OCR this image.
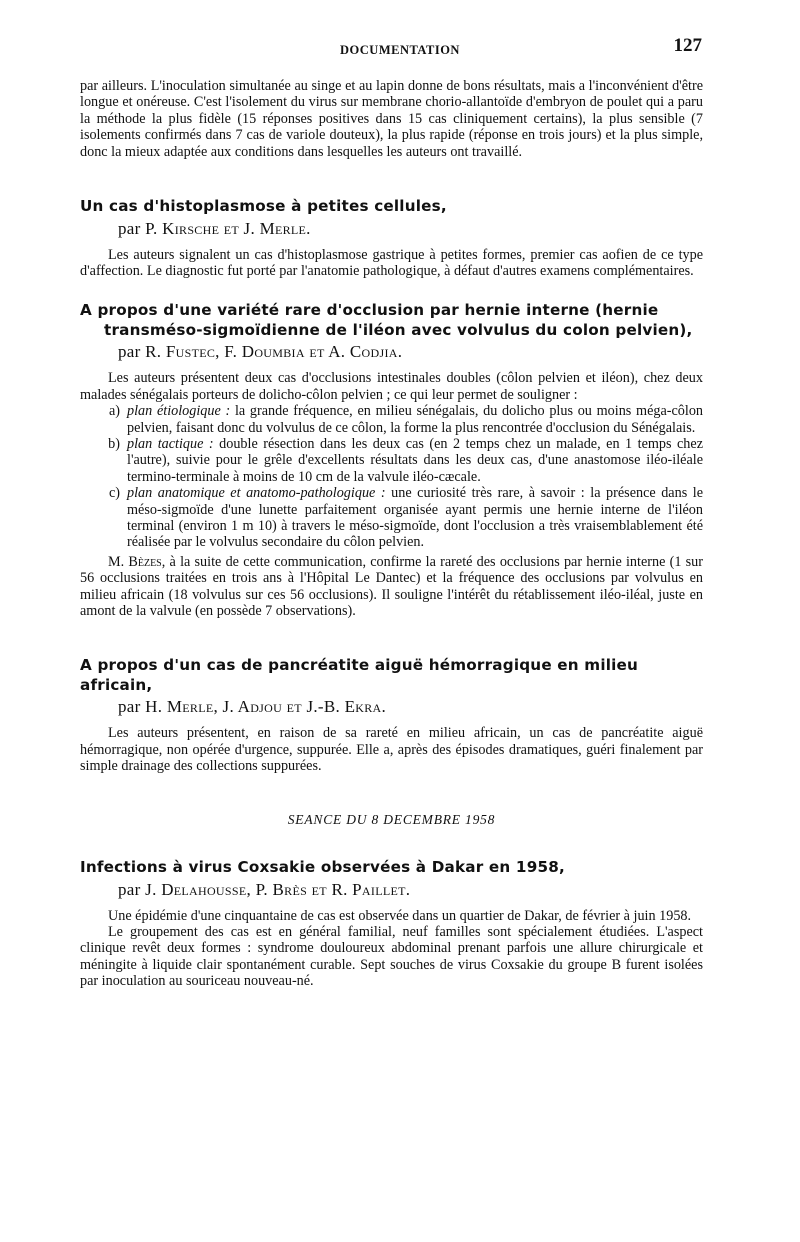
DOCUMENTATION	127

par ailleurs. L'inoculation simultanée au singe et au lapin donne de bons résultats, mais a l'inconvénient d'être longue et onéreuse. C'est l'isolement du virus sur membrane chorio-allantoïde d'embryon de poulet qui a paru la méthode la plus fidèle (15 réponses positives dans 15 cas cliniquement certains), la plus sensible (7 isolements confirmés dans 7 cas de variole douteux), la plus rapide (réponse en trois jours) et la plus simple, donc la mieux adaptée aux conditions dans lesquelles les auteurs ont travaillé.

Un cas d'histoplasmose à petites cellules,
par P. Kirsche et J. Merle.

Les auteurs signalent un cas d'histoplasmose gastrique à petites formes, premier cas aofien de ce type d'affection. Le diagnostic fut porté par l'anatomie pathologique, à défaut d'autres examens complémentaires.

A propos d'une variété rare d'occlusion par hernie interne (hernie transméso-sigmoïdienne de l'iléon avec volvulus du colon pelvien),
par R. Fustec, F. Doumbia et A. Codjia.

Les auteurs présentent deux cas d'occlusions intestinales doubles (côlon pelvien et iléon), chez deux malades sénégalais porteurs de dolicho-côlon pelvien ; ce qui leur permet de souligner :

a) plan étiologique : la grande fréquence, en milieu sénégalais, du dolicho plus ou moins méga-côlon pelvien, faisant donc du volvulus de ce côlon, la forme la plus rencontrée d'occlusion du Sénégalais.
b) plan tactique : double résection dans les deux cas (en 2 temps chez un malade, en 1 temps chez l'autre), suivie pour le grêle d'excellents résultats dans les deux cas, d'une anastomose iléo-iléale termino-terminale à moins de 10 cm de la valvule iléo-cæcale.
c) plan anatomique et anatomo-pathologique : une curiosité très rare, à savoir : la présence dans le méso-sigmoïde d'une lunette parfaitement organisée ayant permis une hernie interne de l'iléon terminal (environ 1 m 10) à travers le méso-sigmoïde, dont l'occlusion a très vraisemblablement été réalisée par le volvulus secondaire du côlon pelvien.

M. Bèzes, à la suite de cette communication, confirme la rareté des occlusions par hernie interne (1 sur 56 occlusions traitées en trois ans à l'Hôpital Le Dantec) et la fréquence des occlusions par volvulus en milieu africain (18 volvulus sur ces 56 occlusions). Il souligne l'intérêt du rétablissement iléo-iléal, juste en amont de la valvule (en possède 7 observations).

A propos d'un cas de pancréatite aiguë hémorragique en milieu africain,
par H. Merle, J. Adjou et J.-B. Ekra.

Les auteurs présentent, en raison de sa rareté en milieu africain, un cas de pancréatite aiguë hémorragique, non opérée d'urgence, suppurée. Elle a, après des épisodes dramatiques, guéri finalement par simple drainage des collections suppurées.

SEANCE DU 8 DECEMBRE 1958
Infections à virus Coxsakie observées à Dakar en 1958,
par J. Delahousse, P. Brès et R. Paillet.

Une épidémie d'une cinquantaine de cas est observée dans un quartier de Dakar, de février à juin 1958.

Le groupement des cas est en général familial, neuf familles sont spécialement étudiées. L'aspect clinique revêt deux formes : syndrome douloureux abdominal prenant parfois une allure chirurgicale et méningite à liquide clair spontanément curable. Sept souches de virus Coxsakie du groupe B furent isolées par inoculation au souriceau nouveau-né.
